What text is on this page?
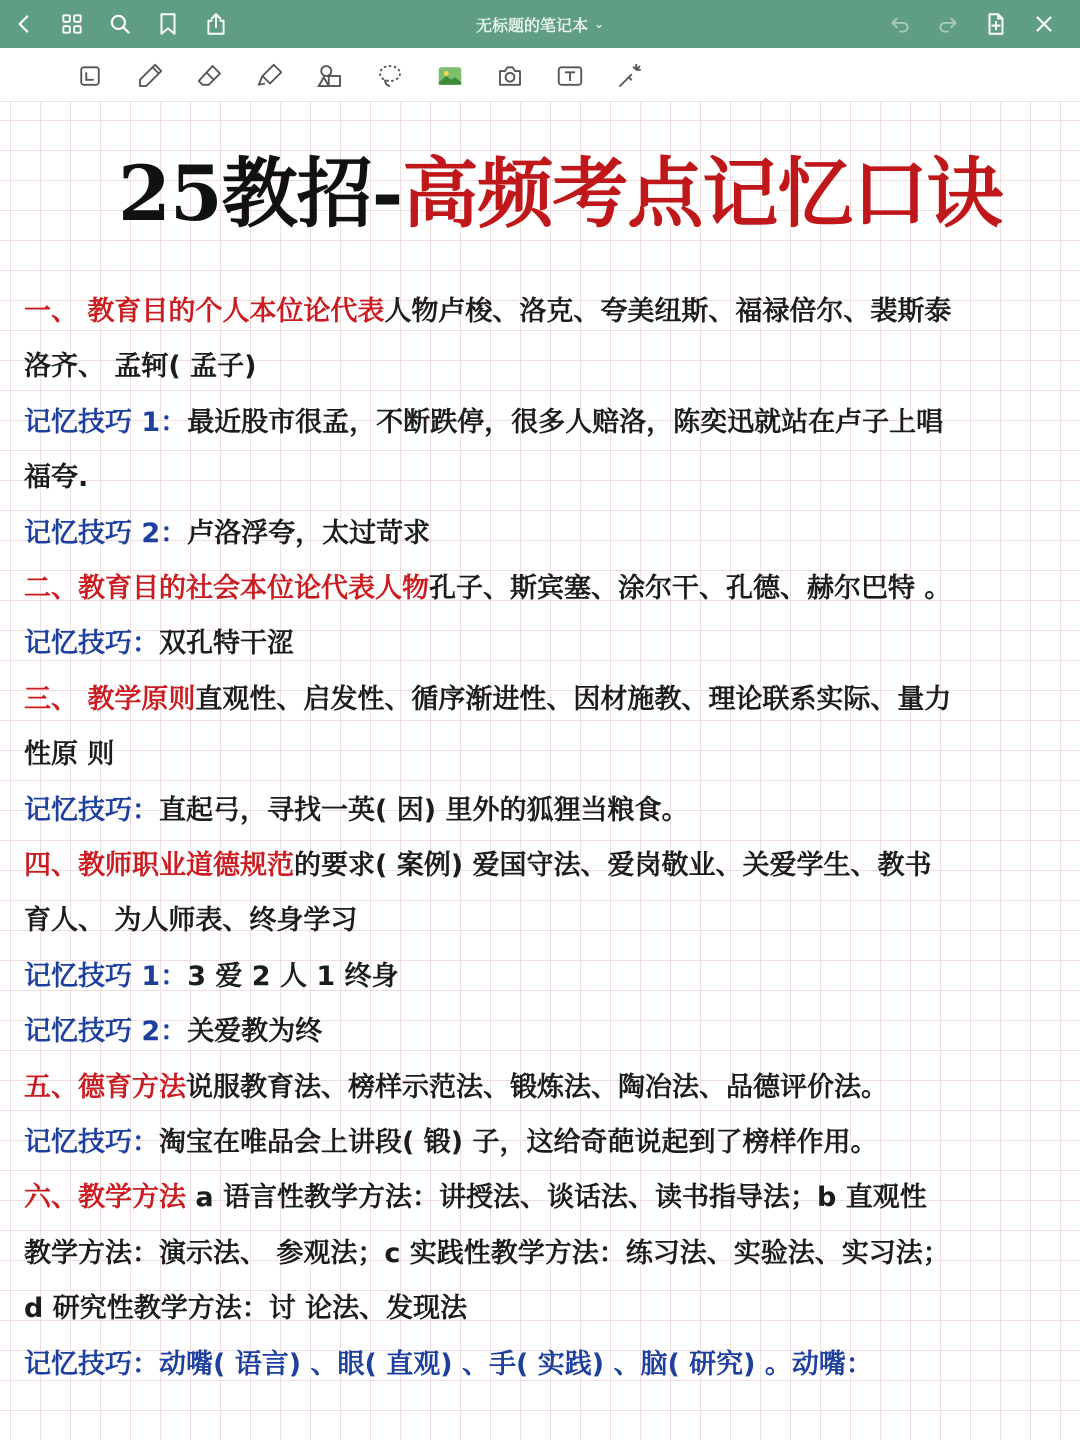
无标题的笔记本 ⌄
25教招-高频考点记忆口诀
一、 教育目的个人本位论代表人物卢梭、洛克、夸美纽斯、福禄倍尔、裴斯泰
洛齐、 孟轲( 孟子)
记忆技巧 1：最近股市很孟，不断跌停，很多人赔洛，陈奕迅就站在卢子上唱
福夸.
记忆技巧 2：卢洛浮夸，太过苛求
二、教育目的社会本位论代表人物孔子、斯宾塞、涂尔干、孔德、赫尔巴特 。
记忆技巧：双孔特干涩
三、 教学原则直观性、启发性、循序渐进性、因材施教、理论联系实际、量力
性原 则
记忆技巧：直起弓，寻找一英( 因) 里外的狐狸当粮食。
四、教师职业道德规范的要求( 案例) 爱国守法、爱岗敬业、关爱学生、教书
育人、 为人师表、终身学习
记忆技巧 1：3 爱 2 人 1 终身
记忆技巧 2：关爱教为终
五、德育方法说服教育法、榜样示范法、锻炼法、陶冶法、品德评价法。
记忆技巧：淘宝在唯品会上讲段( 锻) 子，这给奇葩说起到了榜样作用。
六、教学方法 a 语言性教学方法：讲授法、谈话法、读书指导法；b 直观性
教学方法：演示法、 参观法；c 实践性教学方法：练习法、实验法、实习法；
d 研究性教学方法：讨 论法、发现法
记忆技巧：动嘴( 语言) 、眼( 直观) 、手( 实践) 、脑( 研究) 。动嘴：
